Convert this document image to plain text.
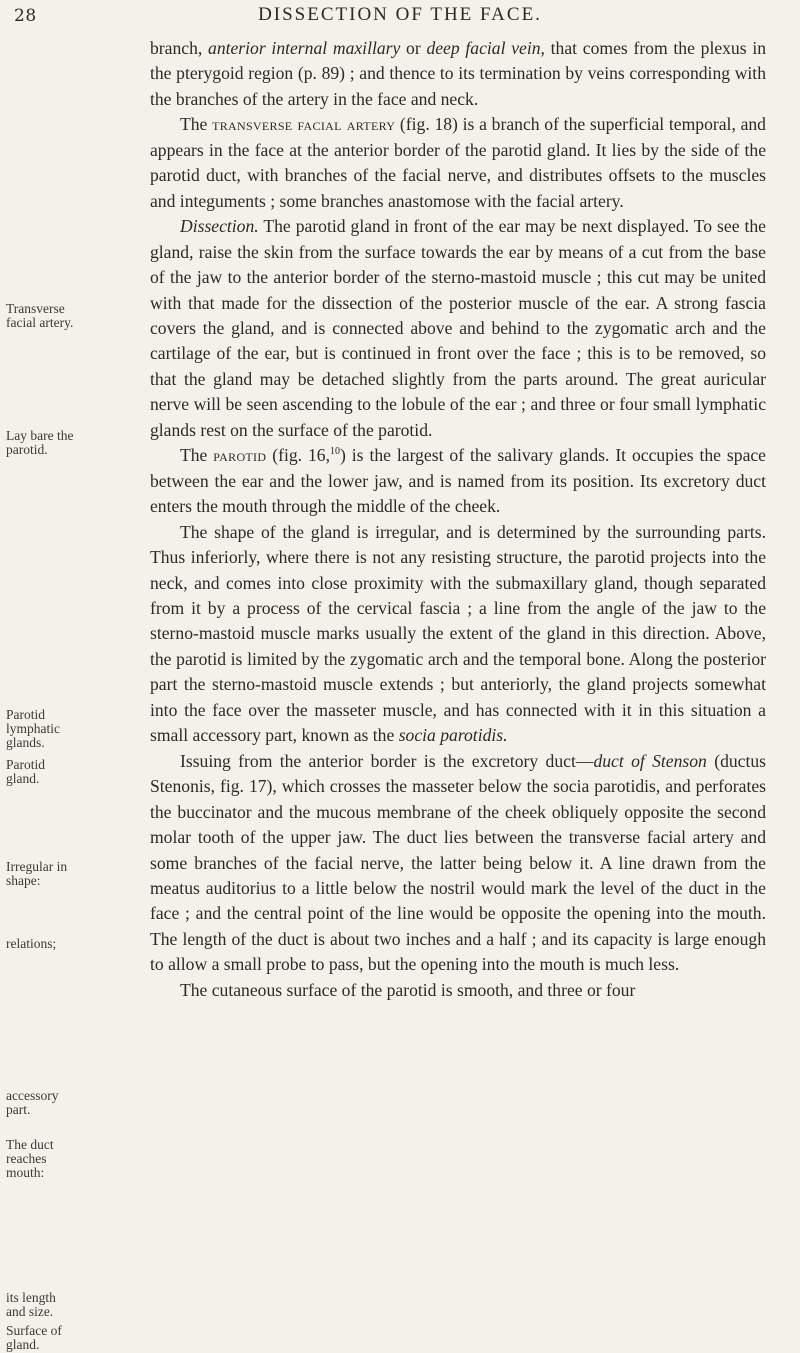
28	DISSECTION OF THE FACE.
Transverse
facial artery.
Lay bare the
parotid.
Parotid
lymphatic
glands.
Parotid
gland.
Irregular in
shape:
relations;
accessory
part.
The duct
reaches
mouth:

branch, anterior internal maxillary or deep facial vein, that comes from the plexus in the pterygoid region (p. 89) ; and thence to its termination by veins corresponding with the branches of the artery in the face and neck.

The transverse facial artery (fig. 18) is a branch of the superficial temporal, and appears in the face at the anterior border of the parotid gland. It lies by the side of the parotid duct, with branches of the facial nerve, and distributes offsets to the muscles and integuments ; some branches anastomose with the facial artery.

Dissection. The parotid gland in front of the ear may be next displayed. To see the gland, raise the skin from the surface towards the ear by means of a cut from the base of the jaw to the anterior border of the sterno-mastoid muscle ; this cut may be united with that made for the dissection of the posterior muscle of the ear. A strong fascia covers the gland, and is connected above and behind to the zygomatic arch and the cartilage of the ear, but is continued in front over the face ; this is to be removed, so that the gland may be detached slightly from the parts around. The great auricular nerve will be seen ascending to the lobule of the ear ; and three or four small lymphatic glands rest on the surface of the parotid.

The parotid (fig. 16,10) is the largest of the salivary glands. It occupies the space between the ear and the lower jaw, and is named from its position. Its excretory duct enters the mouth through the middle of the cheek.

The shape of the gland is irregular, and is determined by the surrounding parts. Thus inferiorly, where there is not any resisting structure, the parotid projects into the neck, and comes into close proximity with the submaxillary gland, though separated from it by a process of the cervical fascia ; a line from the angle of the jaw to the sterno-mastoid muscle marks usually the extent of the gland in this direction. Above, the parotid is limited by the zygomatic arch and the temporal bone. Along the posterior part the sterno-mastoid muscle extends ; but anteriorly, the gland projects somewhat into the face over the masseter muscle, and has connected with it in this situation a small accessory part, known as the socia parotidis.

Issuing from the anterior border is the excretory duct—duct of Stenson (ductus Stenonis, fig. 17), which crosses the masseter below the socia parotidis, and perforates the buccinator and the mucous membrane of the cheek obliquely opposite the second molar tooth of the upper jaw. The duct lies between the transverse facial artery and some branches of the facial nerve, the latter being below it. A line drawn from the meatus auditorius to a little below the nostril would mark the level of the duct in the face ; and the central point of the line would be opposite the opening into the mouth. The length of the duct is about two inches and a half ; and its capacity is large enough to allow a small probe to pass, but the opening into the mouth is much less.

The cutaneous surface of the parotid is smooth, and three or four

its length
and size.
Surface of
gland.
